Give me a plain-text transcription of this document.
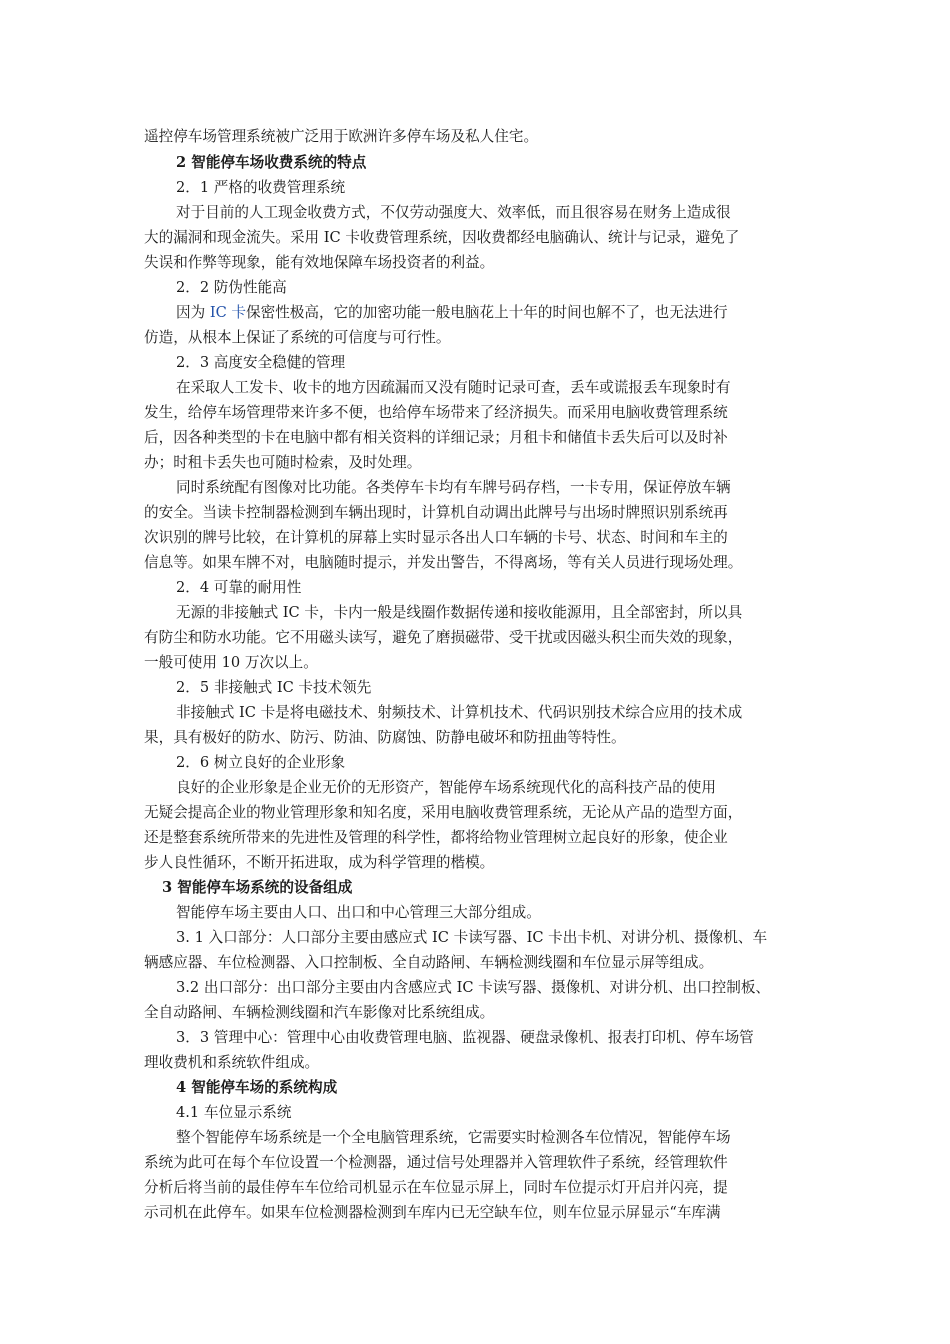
遥控停车场管理系统被广泛用于欧洲许多停车场及私人住宅。
2 智能停车场收费系统的特点
2．1 严格的收费管理系统
对于目前的人工现金收费方式，不仅劳动强度大、效率低，而且很容易在财务上造成很
大的漏洞和现金流失。采用 IC 卡收费管理系统，因收费都经电脑确认、统计与记录，避免了
失误和作弊等现象，能有效地保障车场投资者的利益。
2．2 防伪性能高
因为 IC 卡保密性极高，它的加密功能一般电脑花上十年的时间也解不了，也无法进行
仿造，从根本上保证了系统的可信度与可行性。
2．3 高度安全稳健的管理
在采取人工发卡、收卡的地方因疏漏而又没有随时记录可查，丢车或谎报丢车现象时有
发生，给停车场管理带来许多不便，也给停车场带来了经济损失。而采用电脑收费管理系统
后，因各种类型的卡在电脑中都有相关资料的详细记录；月租卡和储值卡丢失后可以及时补
办；时租卡丢失也可随时检索，及时处理。
同时系统配有图像对比功能。各类停车卡均有车牌号码存档，一卡专用，保证停放车辆
的安全。当读卡控制器检测到车辆出现时，计算机自动调出此牌号与出场时牌照识别系统再
次识别的牌号比较，在计算机的屏幕上实时显示各出人口车辆的卡号、状态、时间和车主的
信息等。如果车牌不对，电脑随时提示，并发出警告，不得离场，等有关人员进行现场处理。
2．4 可靠的耐用性
无源的非接触式 IC 卡，卡内一般是线圈作数据传递和接收能源用，且全部密封，所以具
有防尘和防水功能。它不用磁头读写，避免了磨损磁带、受干扰或因磁头积尘而失效的现象，
一般可使用 10 万次以上。
2．5 非接触式 IC 卡技术领先
非接触式 IC 卡是将电磁技术、射频技术、计算机技术、代码识别技术综合应用的技术成
果，具有极好的防水、防污、防油、防腐蚀、防静电破坏和防扭曲等特性。
2．6 树立良好的企业形象
良好的企业形象是企业无价的无形资产，智能停车场系统现代化的高科技产品的使用
无疑会提高企业的物业管理形象和知名度，采用电脑收费管理系统，无论从产品的造型方面，
还是整套系统所带来的先进性及管理的科学性，都将给物业管理树立起良好的形象，使企业
步人良性循环，不断开拓进取，成为科学管理的楷模。
3 智能停车场系统的设备组成
智能停车场主要由人口、出口和中心管理三大部分组成。
3. 1 入口部分：人口部分主要由感应式 IC 卡读写器、IC 卡出卡机、对讲分机、摄像机、车
辆感应器、车位检测器、入口控制板、全自动路闸、车辆检测线圈和车位显示屏等组成。
3.2 出口部分：出口部分主要由内含感应式 IC 卡读写器、摄像机、对讲分机、出口控制板、
全自动路闸、车辆检测线圈和汽车影像对比系统组成。
3．3 管理中心：管理中心由收费管理电脑、监视器、硬盘录像机、报表打印机、停车场管
理收费机和系统软件组成。
4 智能停车场的系统构成
4.1 车位显示系统
整个智能停车场系统是一个全电脑管理系统，它需要实时检测各车位情况，智能停车场
系统为此可在每个车位设置一个检测器，通过信号处理器并入管理软件子系统，经管理软件
分析后将当前的最佳停车车位给司机显示在车位显示屏上，同时车位提示灯开启并闪亮，提
示司机在此停车。如果车位检测器检测到车库内已无空缺车位，则车位显示屏显示“车库满
